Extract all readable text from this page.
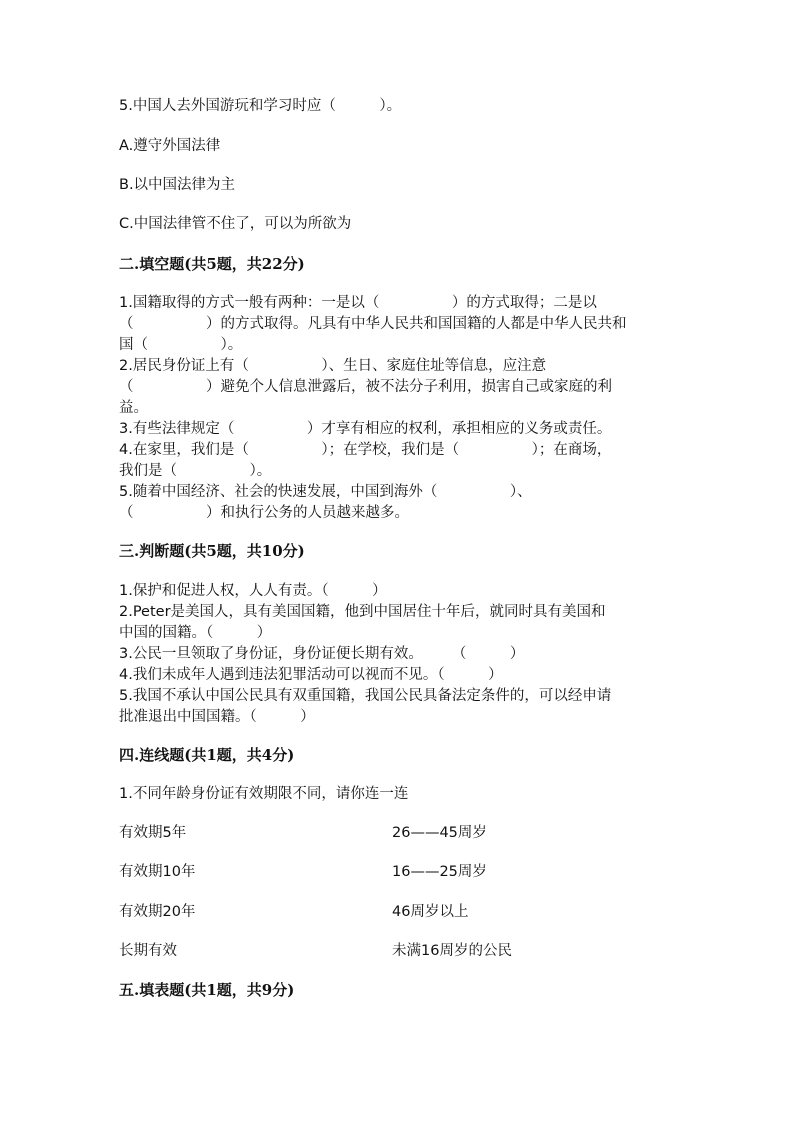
5.中国人去外国游玩和学习时应（　　　）。
A.遵守外国法律
B.以中国法律为主
C.中国法律管不住了，可以为所欲为
二.填空题(共5题，共22分)
1.国籍取得的方式一般有两种：一是以（　　　　　）的方式取得；二是以
（　　　　　）的方式取得。凡具有中华人民共和国国籍的人都是中华人民共和
国（　　　　　）。
2.居民身份证上有（　　　　　）、生日、家庭住址等信息，应注意
（　　　　　）避免个人信息泄露后，被不法分子利用，损害自己或家庭的利
益。
3.有些法律规定（　　　　　）才享有相应的权利，承担相应的义务或责任。
4.在家里，我们是（　　　　　）；在学校，我们是（　　　　　）；在商场，
我们是（　　　　　）。
5.随着中国经济、社会的快速发展，中国到海外（　　　　　）、
（　　　　　）和执行公务的人员越来越多。
三.判断题(共5题，共10分)
1.保护和促进人权，人人有责。（　　　）
2.Peter是美国人，具有美国国籍，他到中国居住十年后，就同时具有美国和
中国的国籍。（　　　）
3.公民一旦领取了身份证，身份证便长期有效。　　　（　　　）
4.我们未成年人遇到违法犯罪活动可以视而不见。（　　　）
5.我国不承认中国公民具有双重国籍，我国公民具备法定条件的，可以经申请
批准退出中国国籍。（　　　）
四.连线题(共1题，共4分)
1.不同年龄身份证有效期限不同，请你连一连
有效期5年	26——45周岁
有效期10年	16——25周岁
有效期20年	46周岁以上
长期有效	未满16周岁的公民
五.填表题(共1题，共9分)
